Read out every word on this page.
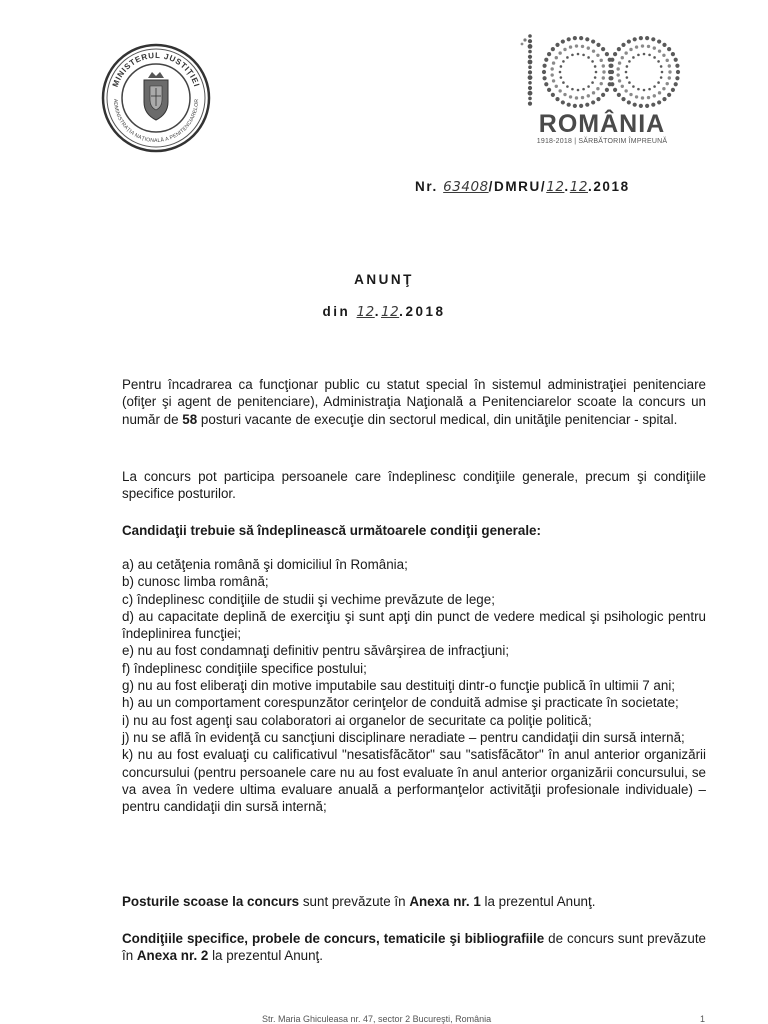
MINISTERUL JUSTIȚIEI
ADMINISTRAȚIA NAȚIONALĂ A PENITENCIARELOR
ROMÂNIA
1918-2018 | SĂRBĂTORIM ÎMPREUNĂ
Nr. 63408/DMRU/12.12.2018
ANUNŢ
din 12.12.2018

Pentru încadrarea ca funcţionar public cu statut special în sistemul administraţiei penitenciare (ofiţer şi agent de penitenciare), Administraţia Naţională a Penitenciarelor scoate la concurs un număr de 58 posturi vacante de execuţie din sectorul medical, din unităţile penitenciar - spital.

La concurs pot participa persoanele care îndeplinesc condiţiile generale, precum şi condiţiile specifice posturilor.

Candidaţii trebuie să îndeplinească următoarele condiţii generale:

a) au cetăţenia română şi domiciliul în România;

b) cunosc limba română;

c) îndeplinesc condiţiile de studii şi vechime prevăzute de lege;

d) au capacitate deplină de exerciţiu şi sunt apţi din punct de vedere medical şi psihologic pentru îndeplinirea funcţiei;

e) nu au fost condamnaţi definitiv pentru săvârşirea de infracţiuni;

f) îndeplinesc condiţiile specifice postului;

g) nu au fost eliberaţi din motive imputabile sau destituiţi dintr-o funcţie publică în ultimii 7 ani;

h) au un comportament corespunzător cerinţelor de conduită admise şi practicate în societate;

i) nu au fost agenţi sau colaboratori ai organelor de securitate ca poliţie politică;

j) nu se află în evidenţă cu sancţiuni disciplinare neradiate – pentru candidaţii din sursă internă;

k) nu au fost evaluaţi cu calificativul "nesatisfăcător" sau "satisfăcător" în anul anterior organizării concursului (pentru persoanele care nu au fost evaluate în anul anterior organizării concursului, se va avea în vedere ultima evaluare anuală a performanţelor activităţii profesionale individuale) – pentru candidaţii din sursă internă;

Posturile scoase la concurs sunt prevăzute în Anexa nr. 1 la prezentul Anunţ.

Condiţiile specifice, probele de concurs, tematicile şi bibliografiile de concurs sunt prevăzute în Anexa nr. 2 la prezentul Anunţ.

Str. Maria Ghiculeasa nr. 47, sector 2 Bucureşti, România	1
